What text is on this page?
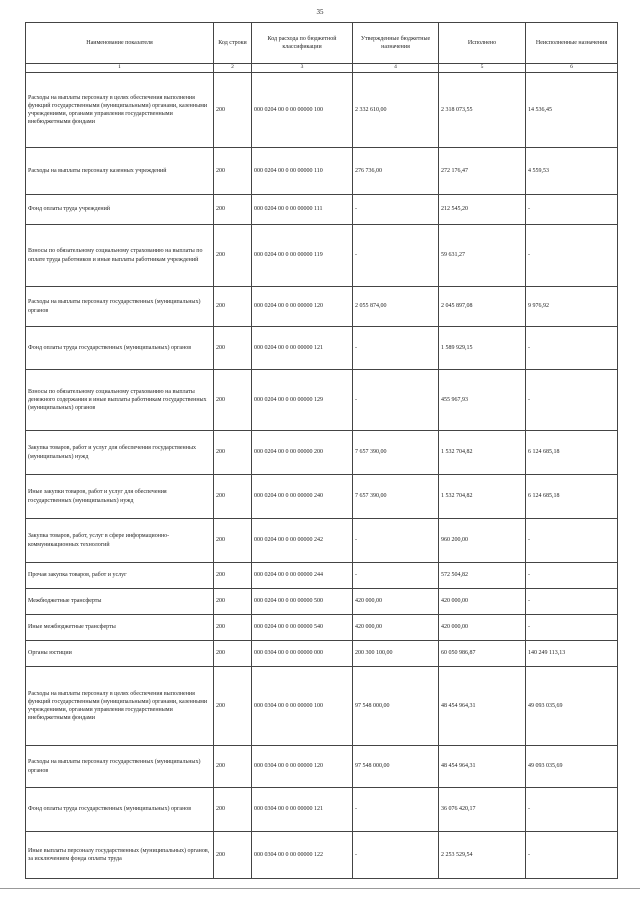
35
Наименование показателя	Код строки	Код расхода по бюджетной классификации	Утвержденные бюджетные назначения	Исполнено	Неисполненные назначения
1	2	3	4	5	6
Расходы на выплаты персоналу в целях обеспечения выполнения функций государственными (муниципальными) органами, казенными учреждениями, органами управления государственными внебюджетными фондами	200	000 0204 00 0 00 00000 100	2 332 610,00	2 318 073,55	14 536,45
Расходы на выплаты персоналу казенных учреждений	200	000 0204 00 0 00 00000 110	276 736,00	272 176,47	4 559,53
Фонд оплаты труда учреждений	200	000 0204 00 0 00 00000 111	-	212 545,20	-
Взносы по обязательному социальному страхованию на выплаты по оплате труда работников и иные выплаты работникам учреждений	200	000 0204 00 0 00 00000 119	-	59 631,27	-
Расходы на выплаты персоналу государственных (муниципальных) органов	200	000 0204 00 0 00 00000 120	2 055 874,00	2 045 897,08	9 976,92
Фонд оплаты труда государственных (муниципальных) органов	200	000 0204 00 0 00 00000 121	-	1 589 929,15	-
Взносы по обязательному социальному страхованию на выплаты денежного содержания и иные выплаты работникам государственных (муниципальных) органов	200	000 0204 00 0 00 00000 129	-	455 967,93	-
Закупка товаров, работ и услуг для обеспечения государственных (муниципальных) нужд	200	000 0204 00 0 00 00000 200	7 657 390,00	1 532 704,82	6 124 685,18
Иные закупки товаров, работ и услуг для обеспечения государственных (муниципальных) нужд	200	000 0204 00 0 00 00000 240	7 657 390,00	1 532 704,82	6 124 685,18
Закупка товаров, работ, услуг в сфере информационно-коммуникационных технологий	200	000 0204 00 0 00 00000 242	-	960 200,00	-
Прочая закупка товаров, работ и услуг	200	000 0204 00 0 00 00000 244	-	572 504,82	-
Межбюджетные трансферты	200	000 0204 00 0 00 00000 500	420 000,00	420 000,00	-
Иные межбюджетные трансферты	200	000 0204 00 0 00 00000 540	420 000,00	420 000,00	-
Органы юстиции	200	000 0304 00 0 00 00000 000	200 300 100,00	60 050 986,87	140 249 113,13
Расходы на выплаты персоналу в целях обеспечения выполнения функций государственными (муниципальными) органами, казенными учреждениями, органами управления государственными внебюджетными фондами	200	000 0304 00 0 00 00000 100	97 548 000,00	48 454 964,31	49 093 035,69
Расходы на выплаты персоналу государственных (муниципальных) органов	200	000 0304 00 0 00 00000 120	97 548 000,00	48 454 964,31	49 093 035,69
Фонд оплаты труда государственных (муниципальных) органов	200	000 0304 00 0 00 00000 121	-	36 076 420,17	-
Иные выплаты персоналу государственных (муниципальных) органов, за исключением фонда оплаты труда	200	000 0304 00 0 00 00000 122	-	2 253 529,54	-
